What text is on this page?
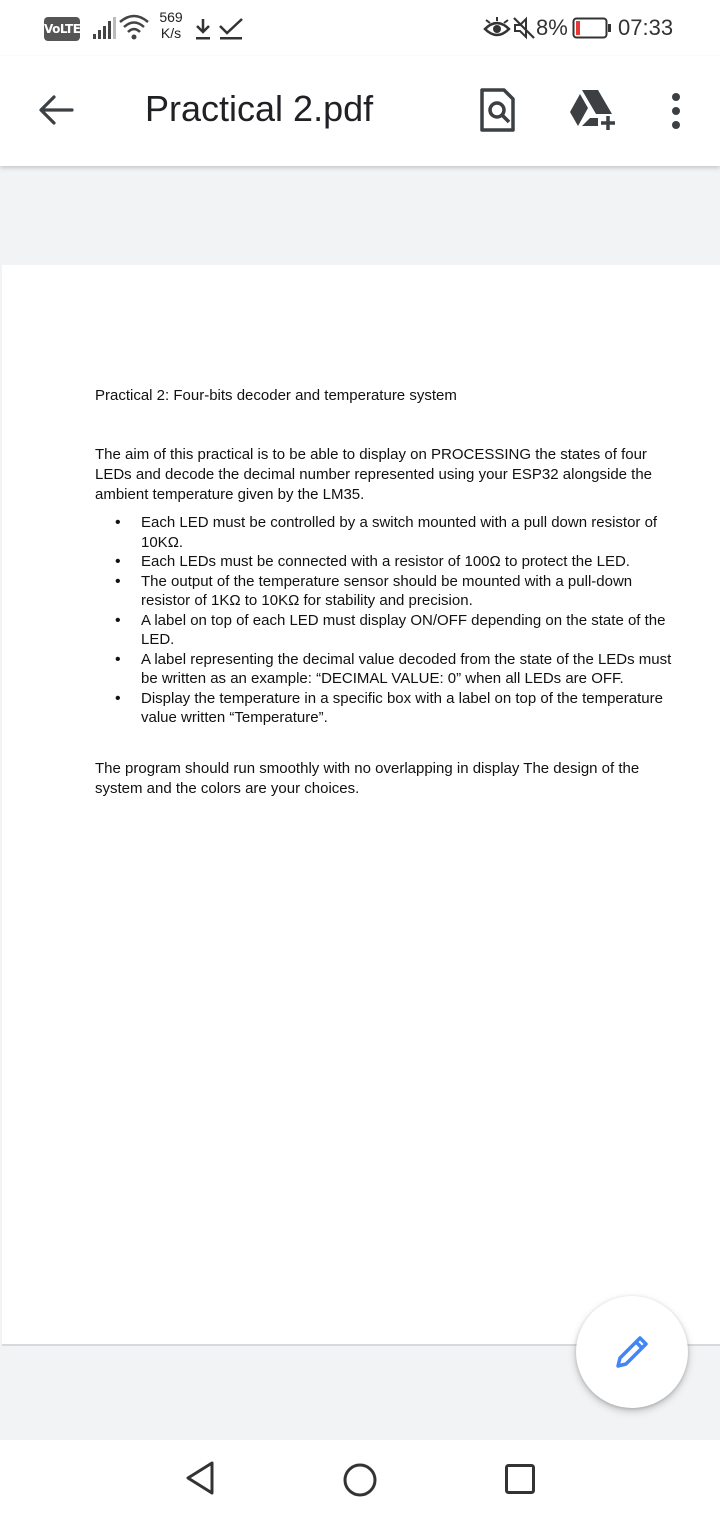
VoLTE
569
K/s	8% 07:33
Practical 2.pdf
Practical 2: Four-bits decoder and temperature system
The aim of this practical is to be able to display on PROCESSING the states of four LEDs and decode the decimal number represented using your ESP32 alongside the ambient temperature given by the LM35.
• Each LED must be controlled by a switch mounted with a pull down resistor of 10KΩ.
• Each LEDs must be connected with a resistor of 100Ω to protect the LED.
• The output of the temperature sensor should be mounted with a pull-down resistor of 1KΩ to 10KΩ for stability and precision.
• A label on top of each LED must display ON/OFF depending on the state of the LED.
• A label representing the decimal value decoded from the state of the LEDs must be written as an example: “DECIMAL VALUE: 0” when all LEDs are OFF.
• Display the temperature in a specific box with a label on top of the temperature value written “Temperature”.
The program should run smoothly with no overlapping in display The design of the system and the colors are your choices.
